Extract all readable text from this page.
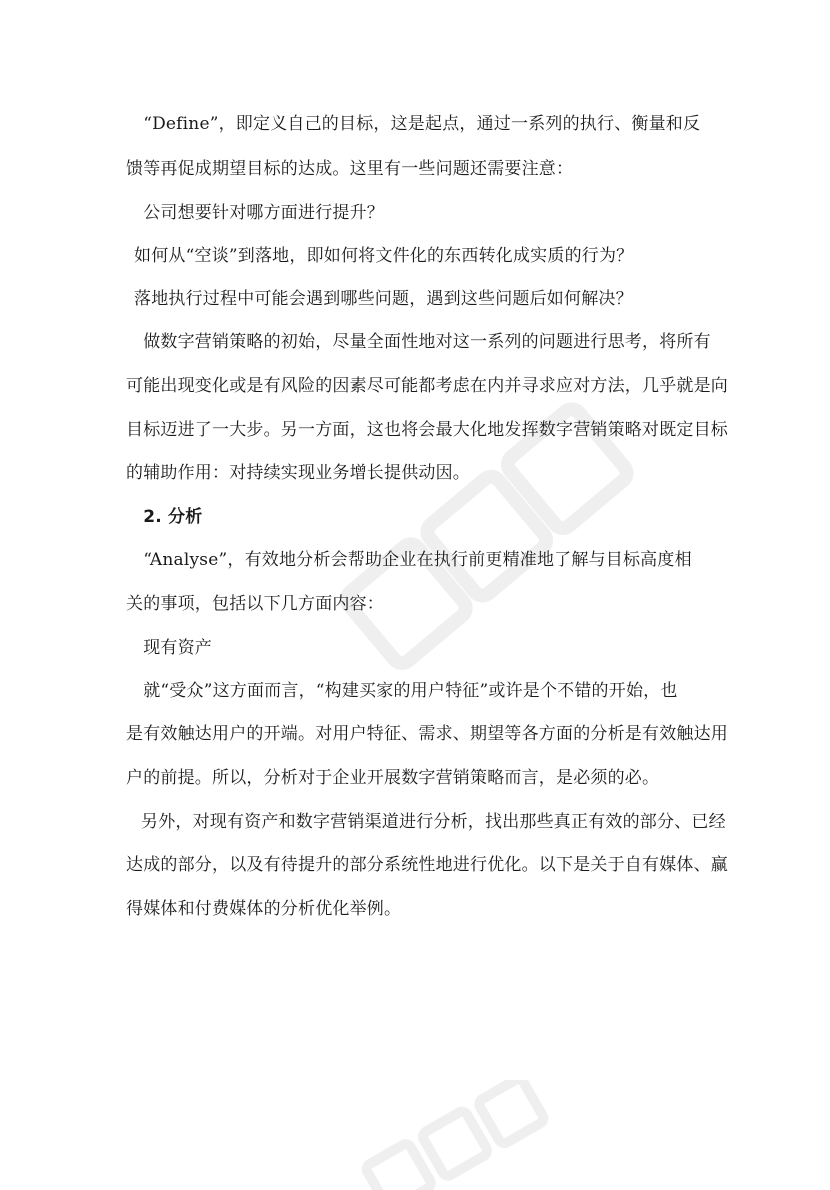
　“Define”，即定义自己的目标，这是起点，通过一系列的执行、衡量和反
馈等再促成期望目标的达成。这里有一些问题还需要注意：
　公司想要针对哪方面进行提升？
如何从“空谈”到落地，即如何将文件化的东西转化成实质的行为？
落地执行过程中可能会遇到哪些问题，遇到这些问题后如何解决？
　做数字营销策略的初始，尽量全面性地对这一系列的问题进行思考，将所有
可能出现变化或是有风险的因素尽可能都考虑在内并寻求应对方法，几乎就是向
目标迈进了一大步。另一方面，这也将会最大化地发挥数字营销策略对既定目标
的辅助作用：对持续实现业务增长提供动因。
　2. 分析
　“Analyse”，有效地分析会帮助企业在执行前更精准地了解与目标高度相
关的事项，包括以下几方面内容：
　现有资产
　就“受众”这方面而言，“构建买家的用户特征”或许是个不错的开始，也
是有效触达用户的开端。对用户特征、需求、期望等各方面的分析是有效触达用
户的前提。所以，分析对于企业开展数字营销策略而言，是必须的必。
另外，对现有资产和数字营销渠道进行分析，找出那些真正有效的部分、已经
达成的部分，以及有待提升的部分系统性地进行优化。以下是关于自有媒体、赢
得媒体和付费媒体的分析优化举例。
